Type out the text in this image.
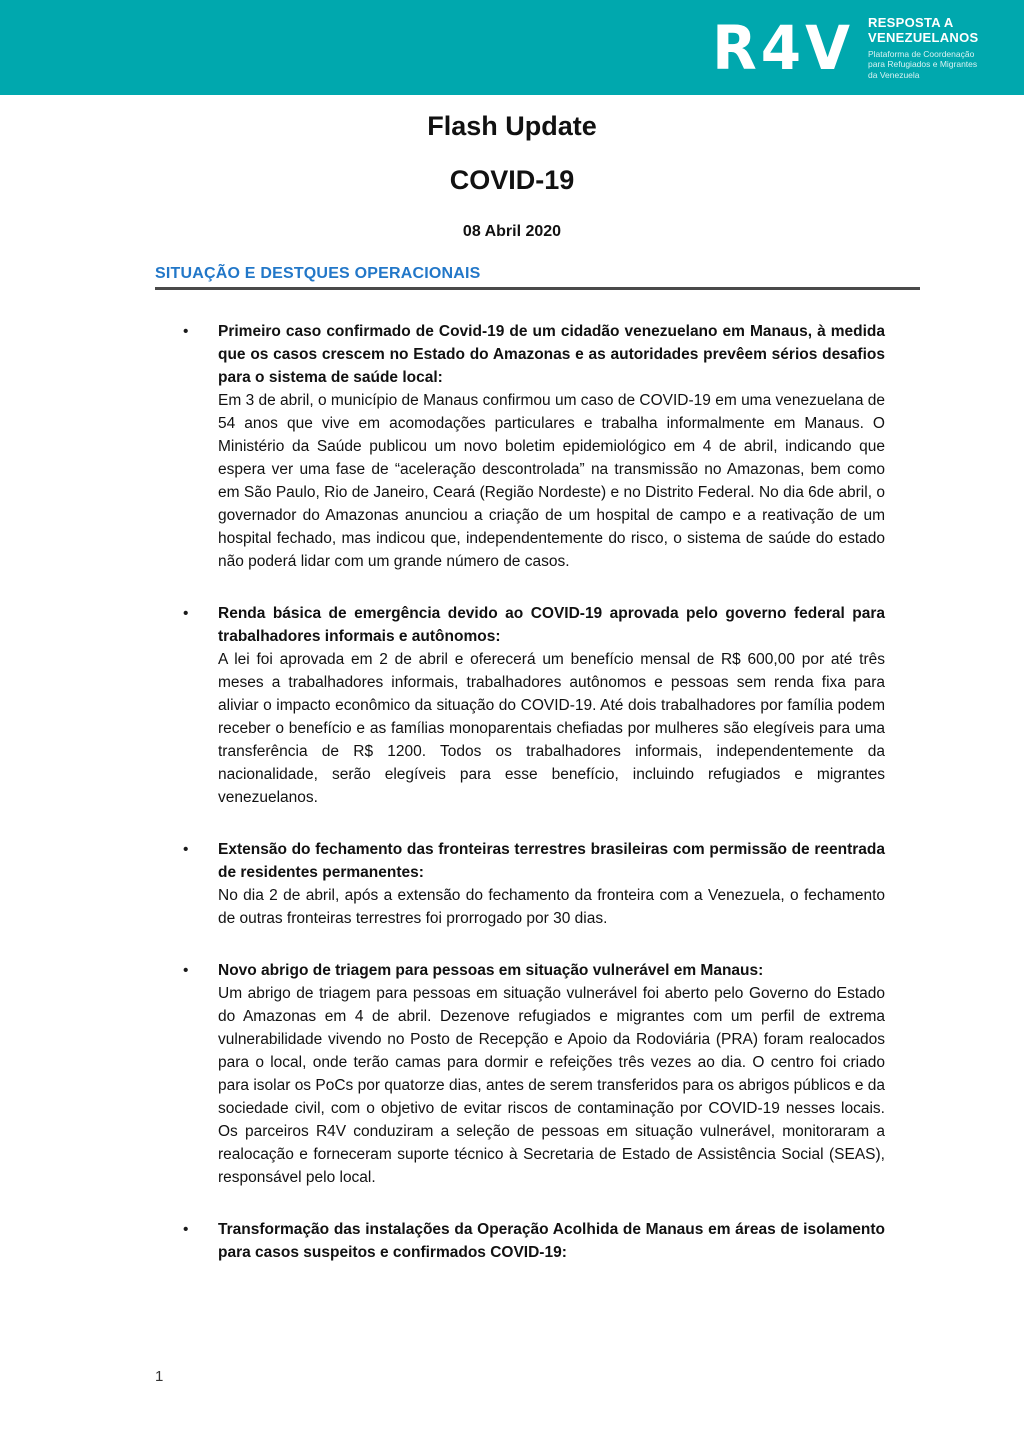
R4V RESPOSTA A
VENEZUELANOS
Plataforma de Coordenação
para Refugiados e Migrantes
da Venezuela
Flash Update
COVID-19
08 Abril 2020
SITUAÇÃO E DESTQUES OPERACIONAIS
• Primeiro caso confirmado de Covid-19 de um cidadão venezuelano em Manaus, à medida que os casos crescem no Estado do Amazonas e as autoridades prevêem sérios desafios para o sistema de saúde local:
Em 3 de abril, o município de Manaus confirmou um caso de COVID-19 em uma venezuelana de 54 anos que vive em acomodações particulares e trabalha informalmente em Manaus. O Ministério da Saúde publicou um novo boletim epidemiológico em 4 de abril, indicando que espera ver uma fase de “aceleração descontrolada” na transmissão no Amazonas, bem como em São Paulo, Rio de Janeiro, Ceará (Região Nordeste) e no Distrito Federal. No dia 6de abril, o governador do Amazonas anunciou a criação de um hospital de campo e a reativação de um hospital fechado, mas indicou que, independentemente do risco, o sistema de saúde do estado não poderá lidar com um grande número de casos.
• Renda básica de emergência devido ao COVID-19 aprovada pelo governo federal para trabalhadores informais e autônomos:
A lei foi aprovada em 2 de abril e oferecerá um benefício mensal de R$ 600,00 por até três meses a trabalhadores informais, trabalhadores autônomos e pessoas sem renda fixa para aliviar o impacto econômico da situação do COVID-19. Até dois trabalhadores por família podem receber o benefício e as famílias monoparentais chefiadas por mulheres são elegíveis para uma transferência de R$ 1200. Todos os trabalhadores informais, independentemente da nacionalidade, serão elegíveis para esse benefício, incluindo refugiados e migrantes venezuelanos.
• Extensão do fechamento das fronteiras terrestres brasileiras com permissão de reentrada de residentes permanentes:
No dia 2 de abril, após a extensão do fechamento da fronteira com a Venezuela, o fechamento de outras fronteiras terrestres foi prorrogado por 30 dias.
• Novo abrigo de triagem para pessoas em situação vulnerável em Manaus:
Um abrigo de triagem para pessoas em situação vulnerável foi aberto pelo Governo do Estado do Amazonas em 4 de abril. Dezenove refugiados e migrantes com um perfil de extrema vulnerabilidade vivendo no Posto de Recepção e Apoio da Rodoviária (PRA) foram realocados para o local, onde terão camas para dormir e refeições três vezes ao dia. O centro foi criado para isolar os PoCs por quatorze dias, antes de serem transferidos para os abrigos públicos e da sociedade civil, com o objetivo de evitar riscos de contaminação por COVID-19 nesses locais. Os parceiros R4V conduziram a seleção de pessoas em situação vulnerável, monitoraram a realocação e forneceram suporte técnico à Secretaria de Estado de Assistência Social (SEAS), responsável pelo local.
• Transformação das instalações da Operação Acolhida de Manaus em áreas de isolamento para casos suspeitos e confirmados COVID-19:
1
